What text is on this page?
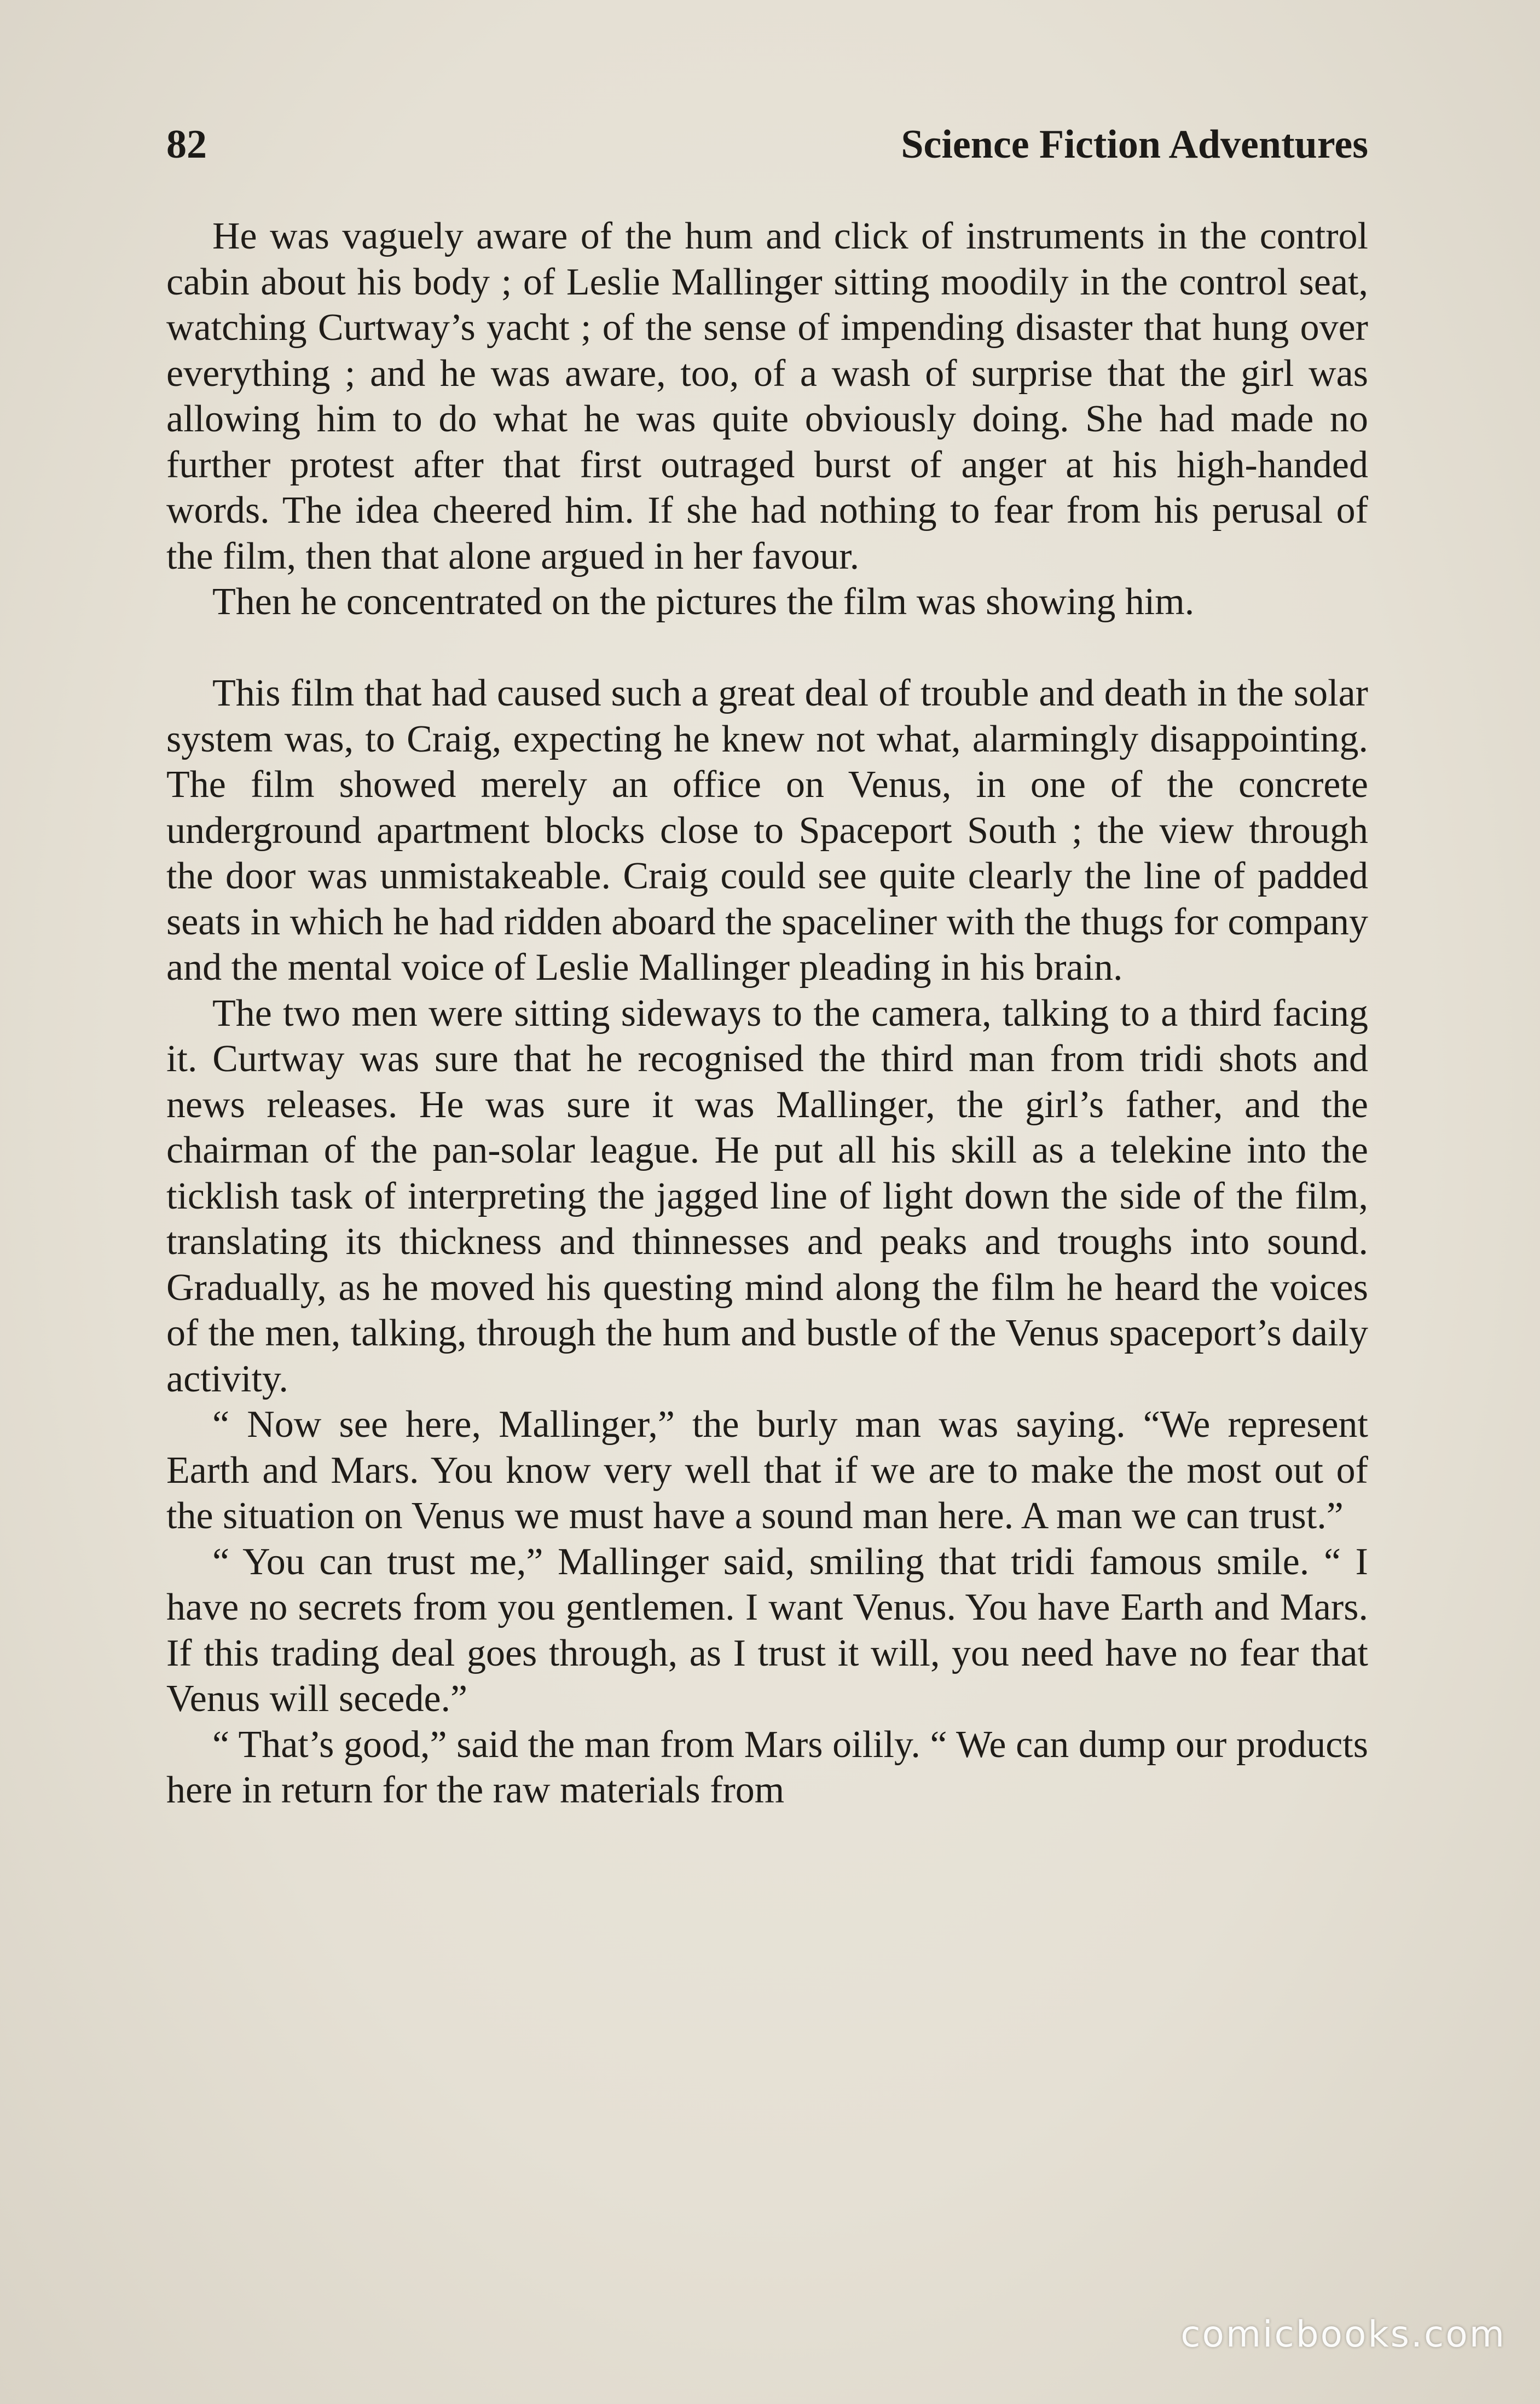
82	Science Fiction Adventures

He was vaguely aware of the hum and click of instruments in the control cabin about his body ; of Leslie Mallinger sitting moodily in the control seat, watching Curtway’s yacht ; of the sense of impending disaster that hung over everything ; and he was aware, too, of a wash of surprise that the girl was allowing him to do what he was quite obviously doing. She had made no further protest after that first outraged burst of anger at his high-handed words. The idea cheered him. If she had nothing to fear from his perusal of the film, then that alone argued in her favour.

Then he concentrated on the pictures the film was showing him.

This film that had caused such a great deal of trouble and death in the solar system was, to Craig, expecting he knew not what, alarmingly disappointing. The film showed merely an office on Venus, in one of the concrete underground apartment blocks close to Spaceport South ; the view through the door was unmistakeable. Craig could see quite clearly the line of padded seats in which he had ridden aboard the spaceliner with the thugs for company and the mental voice of Leslie Mallinger pleading in his brain.

The two men were sitting sideways to the camera, talking to a third facing it. Curtway was sure that he recognised the third man from tridi shots and news releases. He was sure it was Mallinger, the girl’s father, and the chairman of the pan-solar league. He put all his skill as a telekine into the ticklish task of interpreting the jagged line of light down the side of the film, translating its thickness and thinnesses and peaks and troughs into sound. Gradually, as he moved his questing mind along the film he heard the voices of the men, talking, through the hum and bustle of the Venus spaceport’s daily activity.

“ Now see here, Mallinger,” the burly man was saying. “We represent Earth and Mars. You know very well that if we are to make the most out of the situation on Venus we must have a sound man here. A man we can trust.”

“ You can trust me,” Mallinger said, smiling that tridi famous smile. “ I have no secrets from you gentlemen. I want Venus. You have Earth and Mars. If this trading deal goes through, as I trust it will, you need have no fear that Venus will secede.”

“ That’s good,” said the man from Mars oilily. “ We can dump our products here in return for the raw materials from

comicbooks.com
